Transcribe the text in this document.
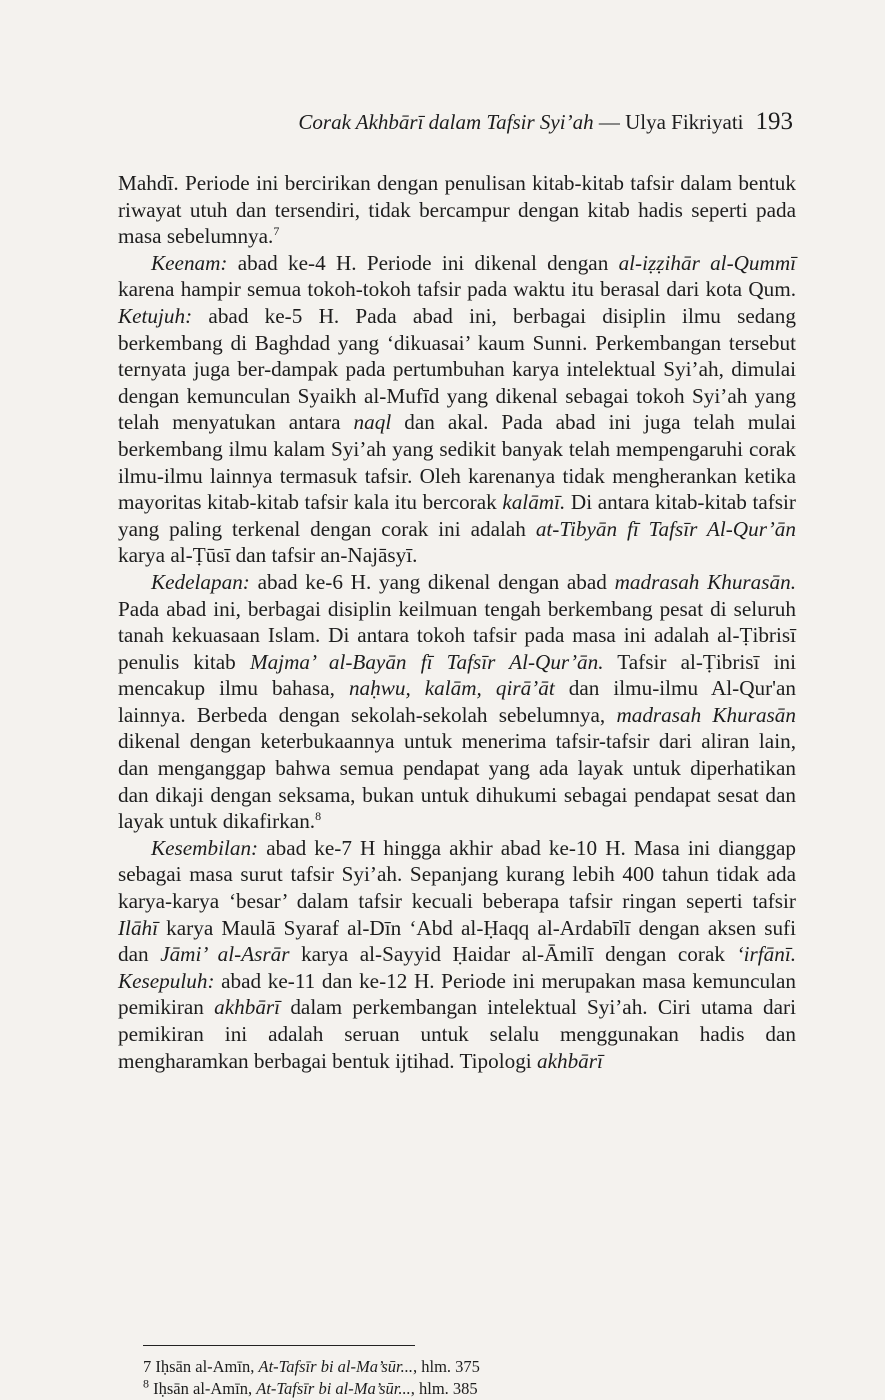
Corak Akhbārī dalam Tafsir Syi’ah — Ulya Fikriyati 193

Mahdī. Periode ini bercirikan dengan penulisan kitab-kitab tafsir dalam bentuk riwayat utuh dan tersendiri, tidak bercampur dengan kitab hadis seperti pada masa sebelumnya.$^7$

Keenam: abad ke-4 H. Periode ini dikenal dengan al-iẓẓihār al-Qummī karena hampir semua tokoh-tokoh tafsir pada waktu itu berasal dari kota Qum. Ketujuh: abad ke-5 H. Pada abad ini, berbagai disiplin ilmu sedang berkembang di Baghdad yang ‘dikuasai’ kaum Sunni. Perkembangan tersebut ternyata juga ber-dampak pada pertumbuhan karya intelektual Syi’ah, dimulai dengan kemunculan Syaikh al-Mufīd yang dikenal sebagai tokoh Syi’ah yang telah menyatukan antara naql dan akal. Pada abad ini juga telah mulai berkembang ilmu kalam Syi’ah yang sedikit banyak telah mempengaruhi corak ilmu-ilmu lainnya termasuk tafsir. Oleh karenanya tidak mengherankan ketika mayoritas kitab-kitab tafsir kala itu bercorak kalāmī. Di antara kitab-kitab tafsir yang paling terkenal dengan corak ini adalah at-Tibyān fī Tafsīr Al-Qur’ān karya al-Ṭūsī dan tafsir an-Najāsyī.

Kedelapan: abad ke-6 H. yang dikenal dengan abad madrasah Khurasān. Pada abad ini, berbagai disiplin keilmuan tengah berkembang pesat di seluruh tanah kekuasaan Islam. Di antara tokoh tafsir pada masa ini adalah al-Ṭibrisī penulis kitab Majma’ al-Bayān fī Tafsīr Al-Qur’ān. Tafsir al-Ṭibrisī ini mencakup ilmu bahasa, naḥwu, kalām, qirā’āt dan ilmu-ilmu Al-Qur'an lainnya. Berbeda dengan sekolah-sekolah sebelumnya, madrasah Khurasān dikenal dengan keterbukaannya untuk menerima tafsir-tafsir dari aliran lain, dan menganggap bahwa semua pendapat yang ada layak untuk diperhatikan dan dikaji dengan seksama, bukan untuk dihukumi sebagai pendapat sesat dan layak untuk dikafirkan.$^8$

Kesembilan: abad ke-7 H hingga akhir abad ke-10 H. Masa ini dianggap sebagai masa surut tafsir Syi’ah. Sepanjang kurang lebih 400 tahun tidak ada karya-karya ‘besar’ dalam tafsir kecuali beberapa tafsir ringan seperti tafsir Ilāhī karya Maulā Syaraf al-Dīn ‘Abd al-Ḥaqq al-Ardabīlī dengan aksen sufi dan Jāmi’ al-Asrār karya al-Sayyid Ḥaidar al-Āmilī dengan corak ‘irfānī. Kesepuluh: abad ke-11 dan ke-12 H. Periode ini merupakan masa kemunculan pemikiran akhbārī dalam perkembangan intelektual Syi’ah. Ciri utama dari pemikiran ini adalah seruan untuk selalu menggunakan hadis dan mengharamkan berbagai bentuk ijtihad. Tipologi akhbārī

7 Iḥsān al-Amīn, At-Tafsīr bi al-Ma’sūr..., hlm. 375
$^8$ Iḥsān al-Amīn, At-Tafsīr bi al-Ma’sūr..., hlm. 385
